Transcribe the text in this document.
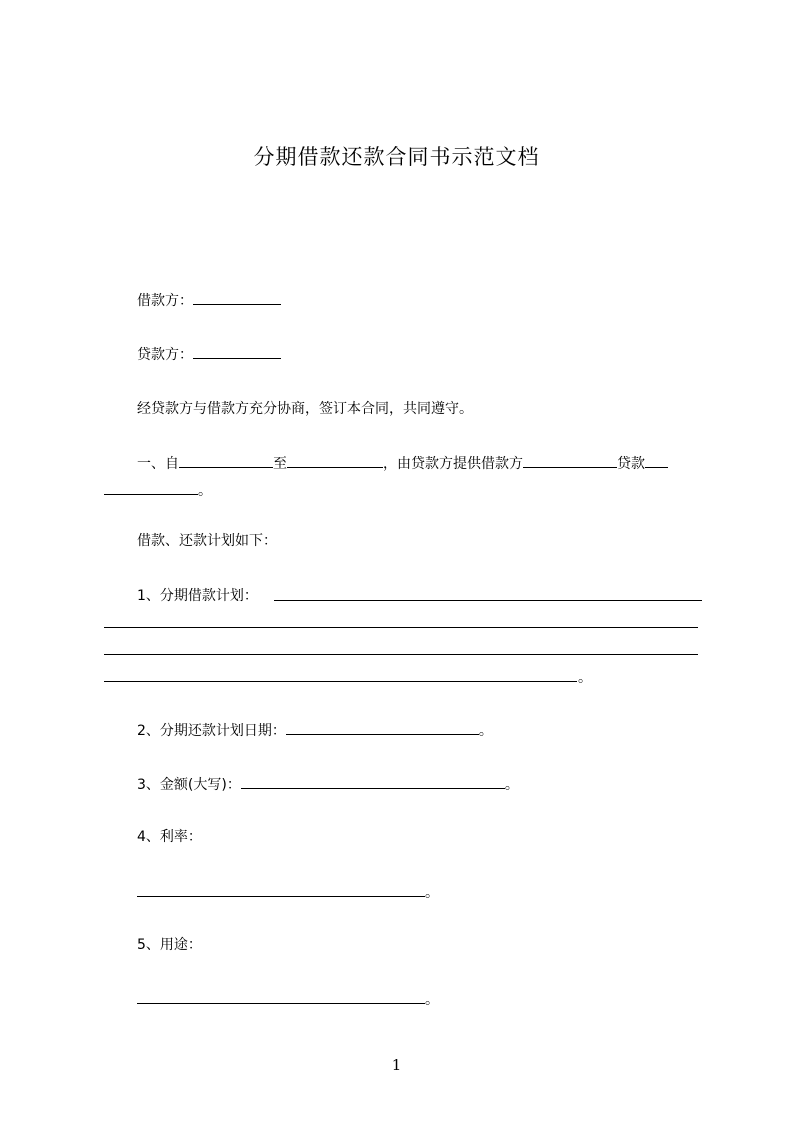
分期借款还款合同书示范文档
借款方：
贷款方：
经贷款方与借款方充分协商，签订本合同，共同遵守。
一、自	至	，由贷款方提供借款方	贷款
。
借款、还款计划如下：
1、分期借款计划：
。
2、分期还款计划日期：	。
3、金额(大写)：	。
4、利率：
。
5、用途：
。
1
